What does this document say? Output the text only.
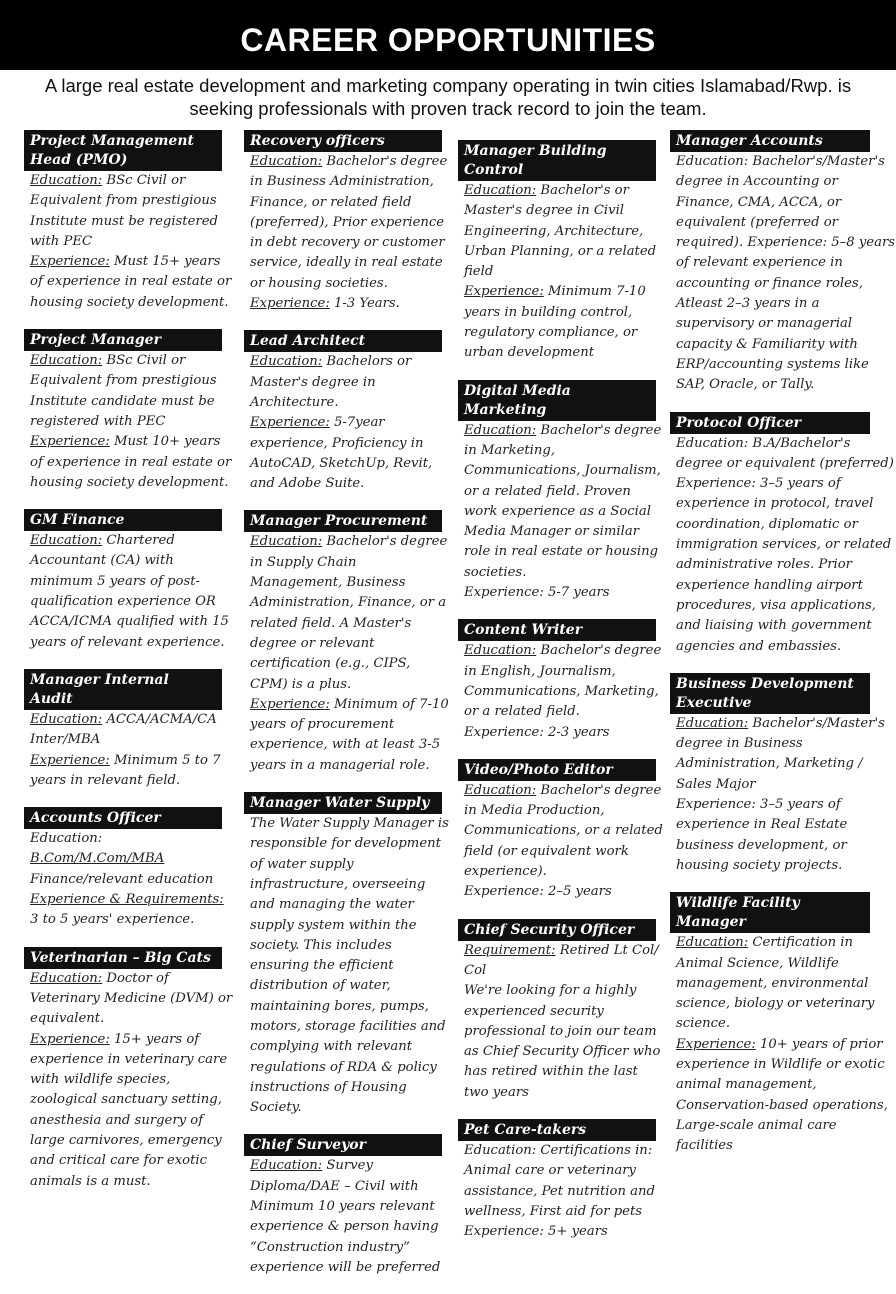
CAREER OPPORTUNITIES
A large real estate development and marketing company operating in twin cities Islamabad/Rwp. is
seeking professionals with proven track record to join the team.
Project Management Head (PMO)
Education: BSc Civil or Equivalent from prestigious Institute must be registered with PEC
Experience: Must 15+ years of experience in real estate or housing society development.
Project Manager
Education: BSc Civil or Equivalent from prestigious Institute candidate must be registered with PEC
Experience: Must 10+ years of experience in real estate or housing society development.
GM Finance
Education: Chartered Accountant (CA) with minimum 5 years of post-qualification experience OR ACCA/ICMA qualified with 15 years of relevant experience.
Manager Internal Audit
Education: ACCA/ACMA/CA Inter/MBA
Experience: Minimum 5 to 7 years in relevant field.
Accounts Officer
Education: B.Com/M.Com/MBA
Finance/relevant education
Experience & Requirements: 3 to 5 years' experience.
Veterinarian – Big Cats
Education: Doctor of Veterinary Medicine (DVM) or equivalent.
Experience: 15+ years of experience in veterinary care with wildlife species, zoological sanctuary setting, anesthesia and surgery of large carnivores, emergency and critical care for exotic animals is a must.
Recovery officers
Education: Bachelor's degree in Business Administration, Finance, or related field (preferred), Prior experience in debt recovery or customer service, ideally in real estate or housing societies.
Experience: 1-3 Years.
Lead Architect
Education: Bachelors or Master's degree in Architecture.
Experience: 5-7year experience, Proficiency in AutoCAD, SketchUp, Revit, and Adobe Suite.
Manager Procurement
Education: Bachelor's degree in Supply Chain Management, Business Administration, Finance, or a related field. A Master's degree or relevant certification (e.g., CIPS, CPM) is a plus.
Experience: Minimum of 7-10 years of procurement experience, with at least 3-5 years in a managerial role.
Manager Water Supply
The Water Supply Manager is responsible for development of water supply infrastructure, overseeing and managing the water supply system within the society. This includes ensuring the efficient distribution of water, maintaining bores, pumps, motors, storage facilities and complying with relevant regulations of RDA & policy instructions of Housing Society.
Chief Surveyor
Education: Survey Diploma/DAE – Civil with Minimum 10 years relevant experience & person having “Construction industry” experience will be preferred
Manager Building Control
Education: Bachelor's or Master's degree in Civil Engineering, Architecture, Urban Planning, or a related field
Experience: Minimum 7-10 years in building control, regulatory compliance, or urban development
Digital Media Marketing
Education: Bachelor's degree in Marketing, Communications, Journalism, or a related field. Proven work experience as a Social Media Manager or similar role in real estate or housing societies.
Experience: 5-7 years
Content Writer
Education: Bachelor's degree in English, Journalism, Communications, Marketing, or a related field.
Experience: 2-3 years
Video/Photo Editor
Education: Bachelor's degree in Media Production, Communications, or a related field (or equivalent work experience).
Experience: 2–5 years
Chief Security Officer
Requirement: Retired Lt Col/ Col
We're looking for a highly experienced security professional to join our team as Chief Security Officer who has retired within the last two years
Pet Care-takers
Education: Certifications in: Animal care or veterinary assistance, Pet nutrition and wellness, First aid for pets
Experience: 5+ years
Manager Accounts
Education: Bachelor's/Master's degree in Accounting or Finance, CMA, ACCA, or equivalent (preferred or required). Experience: 5–8 years of relevant experience in accounting or finance roles, Atleast 2–3 years in a supervisory or managerial capacity & Familiarity with ERP/accounting systems like SAP, Oracle, or Tally.
Protocol Officer
Education: B.A/Bachelor's degree or equivalent (preferred) Experience: 3–5 years of experience in protocol, travel coordination, diplomatic or immigration services, or related administrative roles. Prior experience handling airport procedures, visa applications, and liaising with government agencies and embassies.
Business Development Executive
Education: Bachelor's/Master's degree in Business Administration, Marketing / Sales Major
Experience: 3–5 years of experience in Real Estate business development, or housing society projects.
Wildlife Facility Manager
Education: Certification in Animal Science, Wildlife management, environmental science, biology or veterinary science.
Experience: 10+ years of prior experience in Wildlife or exotic animal management, Conservation-based operations, Large-scale animal care facilities
